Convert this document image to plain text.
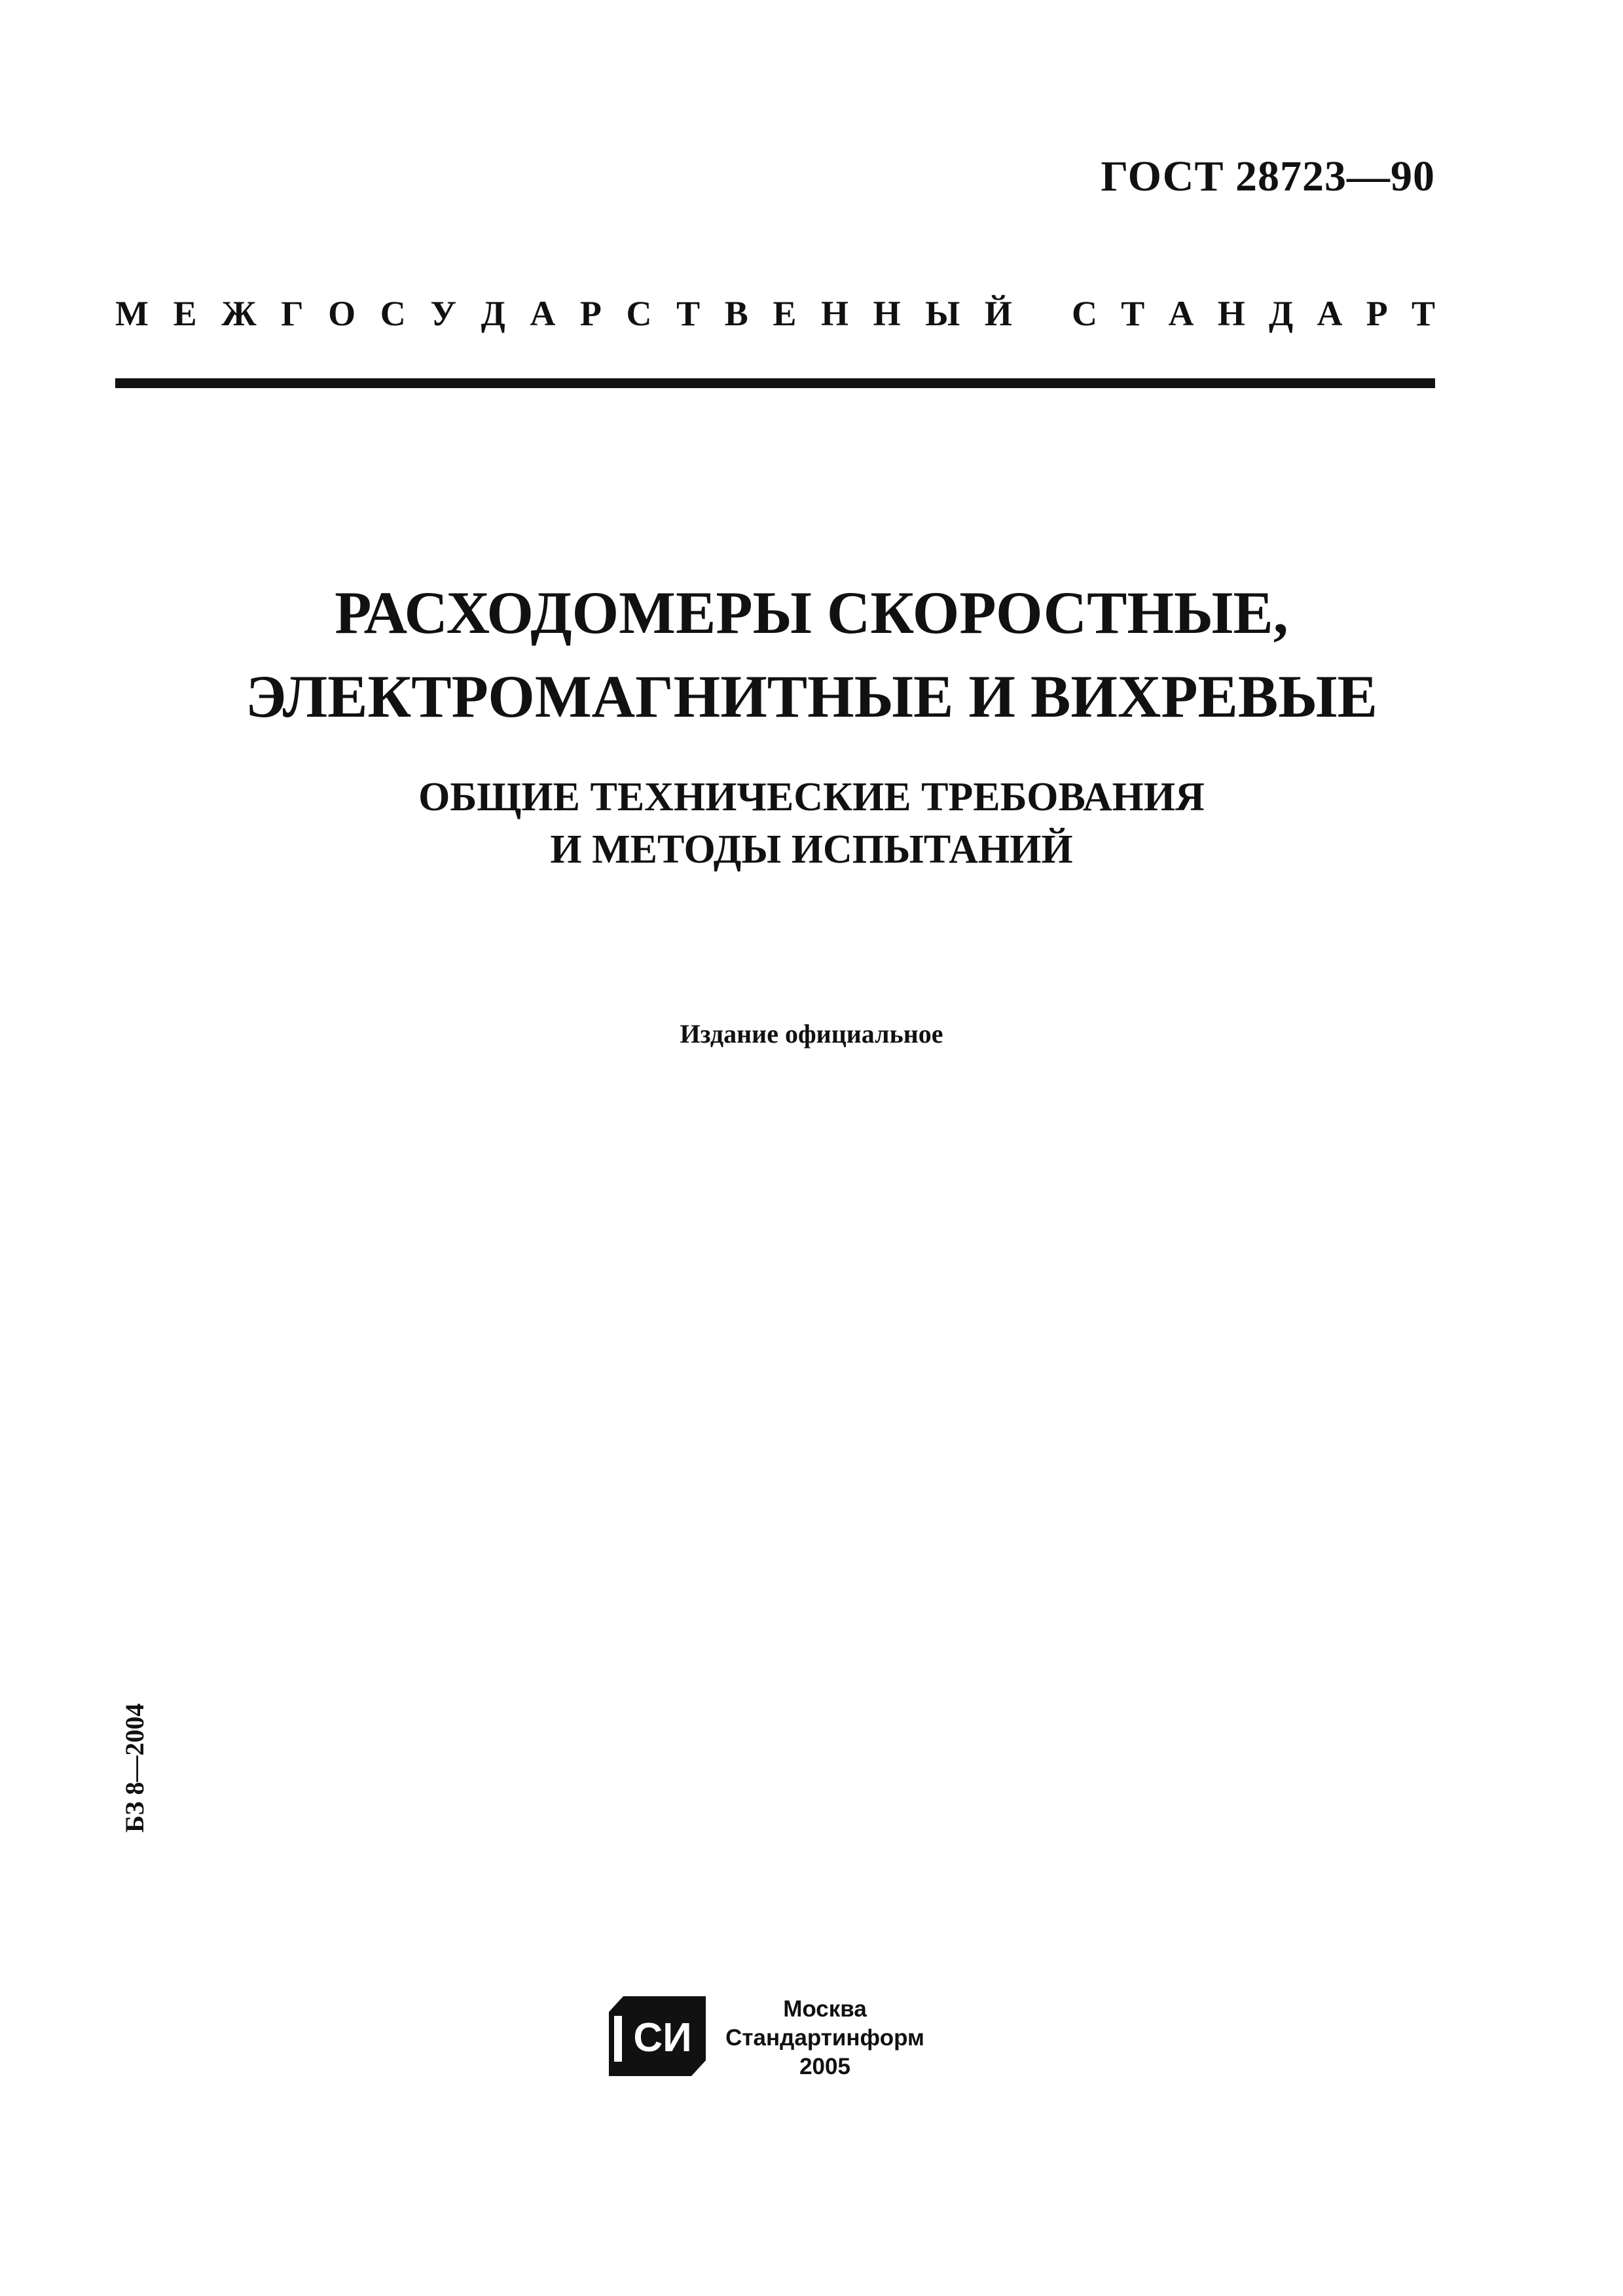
ГОСТ 28723—90
М Е Ж Г О С У Д А Р С Т В Е Н Н Ы Й С Т А Н Д А Р Т
РАСХОДОМЕРЫ СКОРОСТНЫЕ,
ЭЛЕКТРОМАГНИТНЫЕ И ВИХРЕВЫЕ
ОБЩИЕ ТЕХНИЧЕСКИЕ ТРЕБОВАНИЯ
И МЕТОДЫ ИСПЫТАНИЙ
Издание официальное
БЗ 8—2004
СИ
Москва
Стандартинформ
2005
